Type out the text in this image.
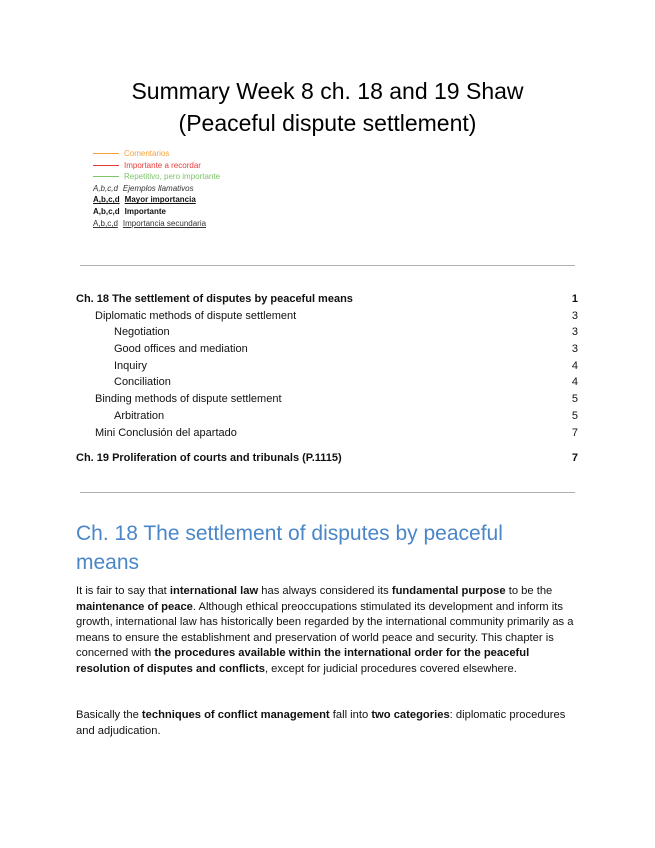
Summary Week 8 ch. 18 and 19 Shaw
(Peaceful dispute settlement)
Comentarios
Importante a recordar
Repetitivo, pero importante
A,b,c,d Ejemplos llamativos
A,b,c,d Mayor importancia
A,b,c,d Importante
A,b,c,d Importancia secundaria
Ch. 18 The settlement of disputes by peaceful means	1
Diplomatic methods of dispute settlement	3
Negotiation	3
Good offices and mediation	3
Inquiry	4
Conciliation	4
Binding methods of dispute settlement	5
Arbitration	5
Mini Conclusión del apartado	7
Ch. 19 Proliferation of courts and tribunals (P.1115)	7
Ch. 18 The settlement of disputes by peaceful
means
It is fair to say that international law has always considered its fundamental purpose to be the maintenance of peace. Although ethical preoccupations stimulated its development and inform its growth, international law has historically been regarded by the international community primarily as a means to ensure the establishment and preservation of world peace and security. This chapter is concerned with the procedures available within the international order for the peaceful resolution of disputes and conflicts, except for judicial procedures covered elsewhere.
Basically the techniques of conflict management fall into two categories: diplomatic procedures and adjudication.
